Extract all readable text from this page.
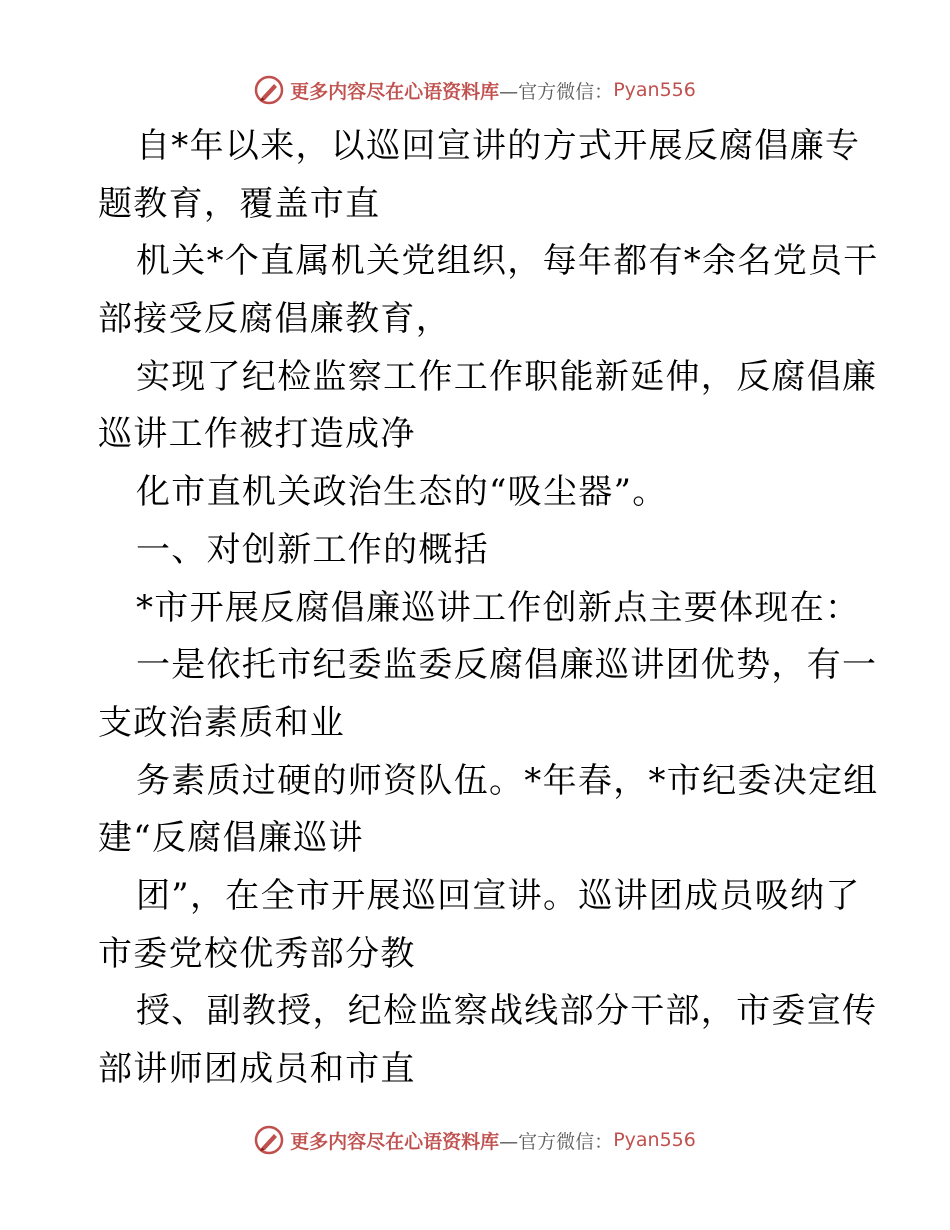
更多内容尽在心语资料库 —官方微信： Pyan556
自*年以来，以巡回宣讲的方式开展反腐倡廉专
题教育，覆盖市直
机关*个直属机关党组织，每年都有*余名党员干
部接受反腐倡廉教育，
实现了纪检监察工作工作职能新延伸，反腐倡廉
巡讲工作被打造成净
化市直机关政治生态的“吸尘器”。
一、对创新工作的概括
*市开展反腐倡廉巡讲工作创新点主要体现在：
一是依托市纪委监委反腐倡廉巡讲团优势，有一
支政治素质和业
务素质过硬的师资队伍。*年春，*市纪委决定组
建“反腐倡廉巡讲
团”，在全市开展巡回宣讲。巡讲团成员吸纳了
市委党校优秀部分教
授、副教授，纪检监察战线部分干部，市委宣传
部讲师团成员和市直
更多内容尽在心语资料库 —官方微信： Pyan556
